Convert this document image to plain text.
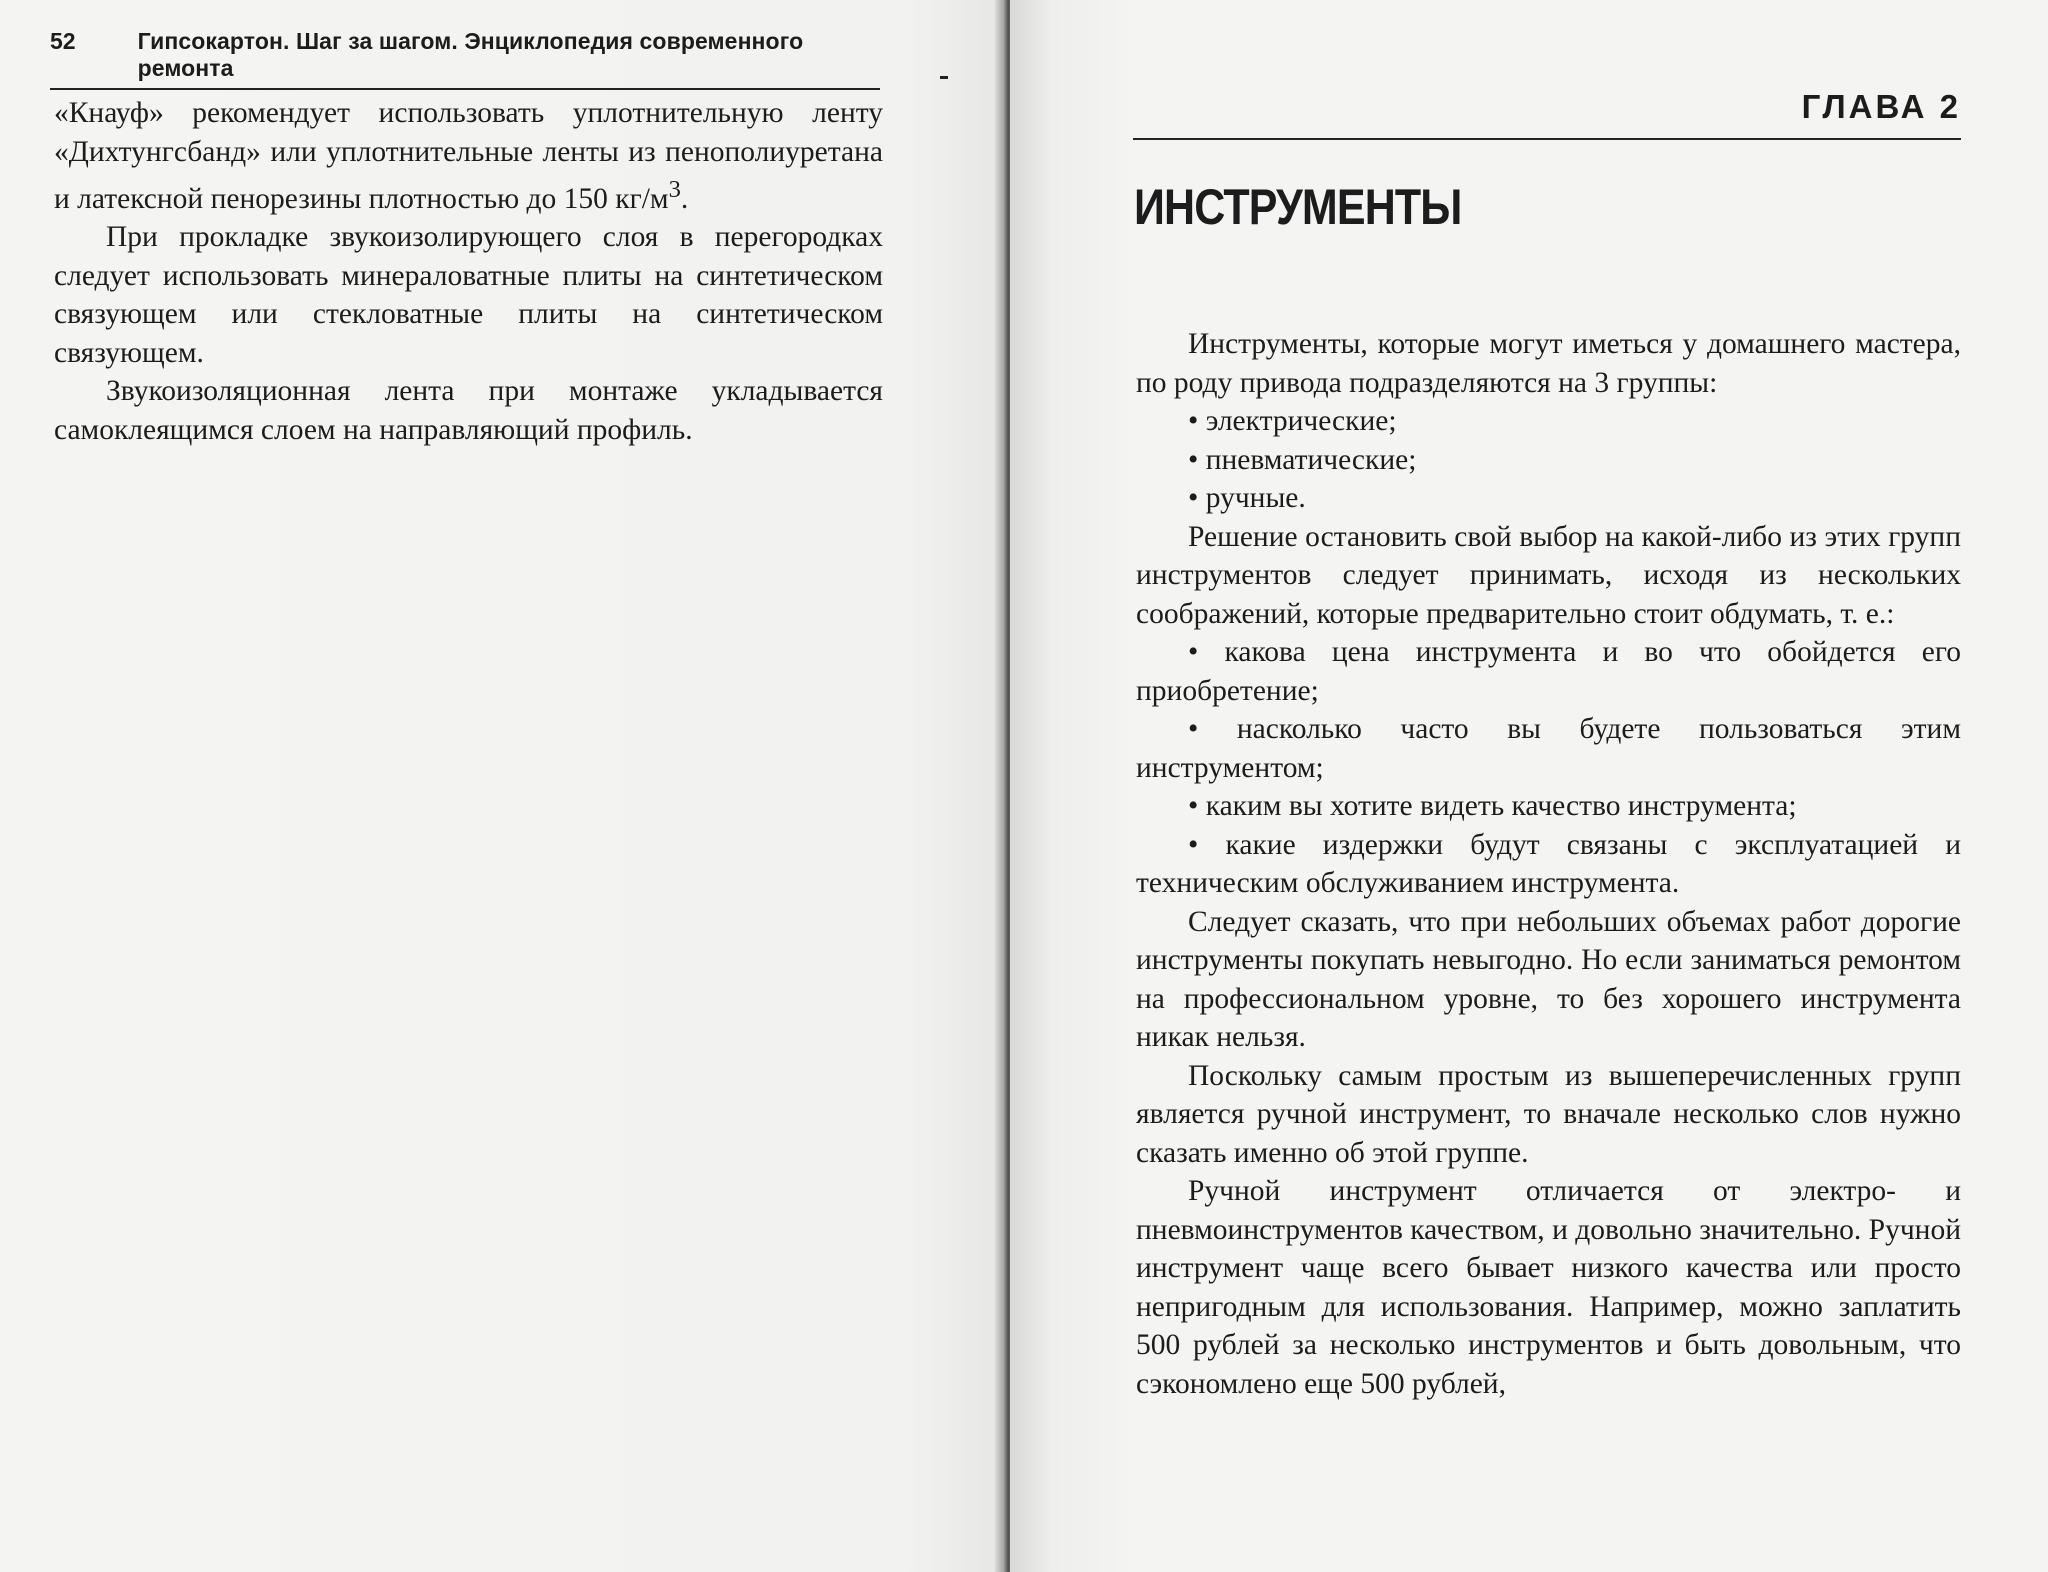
52	Гипсокартон. Шаг за шагом. Энциклопедия современного ремонта

«Кнауф» рекомендует использовать уплотнительную ленту «Дихтунгсбанд» или уплотнительные ленты из пенополиуретана и латексной пенорезины плотностью до 150 $кг/м^3$.

При прокладке звукоизолирующего слоя в перегородках следует использовать минераловатные плиты на синтетическом связующем или стекловатные плиты на синтетическом связующем.

Звукоизоляционная лента при монтаже укладывается самоклеящимся слоем на направляющий профиль.

ГЛАВА 2
ИНСТРУМЕНТЫ

Инструменты, которые могут иметься у домашнего мастера, по роду привода подразделяются на 3 группы:

• электрические;
• пневматические;
• ручные.

Решение остановить свой выбор на какой-либо из этих групп инструментов следует принимать, исходя из нескольких соображений, которые предварительно стоит обдумать, т. е.:

• какова цена инструмента и во что обойдется его приобретение;

• насколько часто вы будете пользоваться этим инструментом;

• каким вы хотите видеть качество инструмента;

• какие издержки будут связаны с эксплуатацией и техническим обслуживанием инструмента.

Следует сказать, что при небольших объемах работ дорогие инструменты покупать невыгодно. Но если заниматься ремонтом на профессиональном уровне, то без хорошего инструмента никак нельзя.

Поскольку самым простым из вышеперечисленных групп является ручной инструмент, то вначале несколько слов нужно сказать именно об этой группе.

Ручной инструмент отличается от электро- и пневмоинструментов качеством, и довольно значительно. Ручной инструмент чаще всего бывает низкого качества или просто непригодным для использования. Например, можно заплатить 500 рублей за несколько инструментов и быть довольным, что сэкономлено еще 500 рублей,
